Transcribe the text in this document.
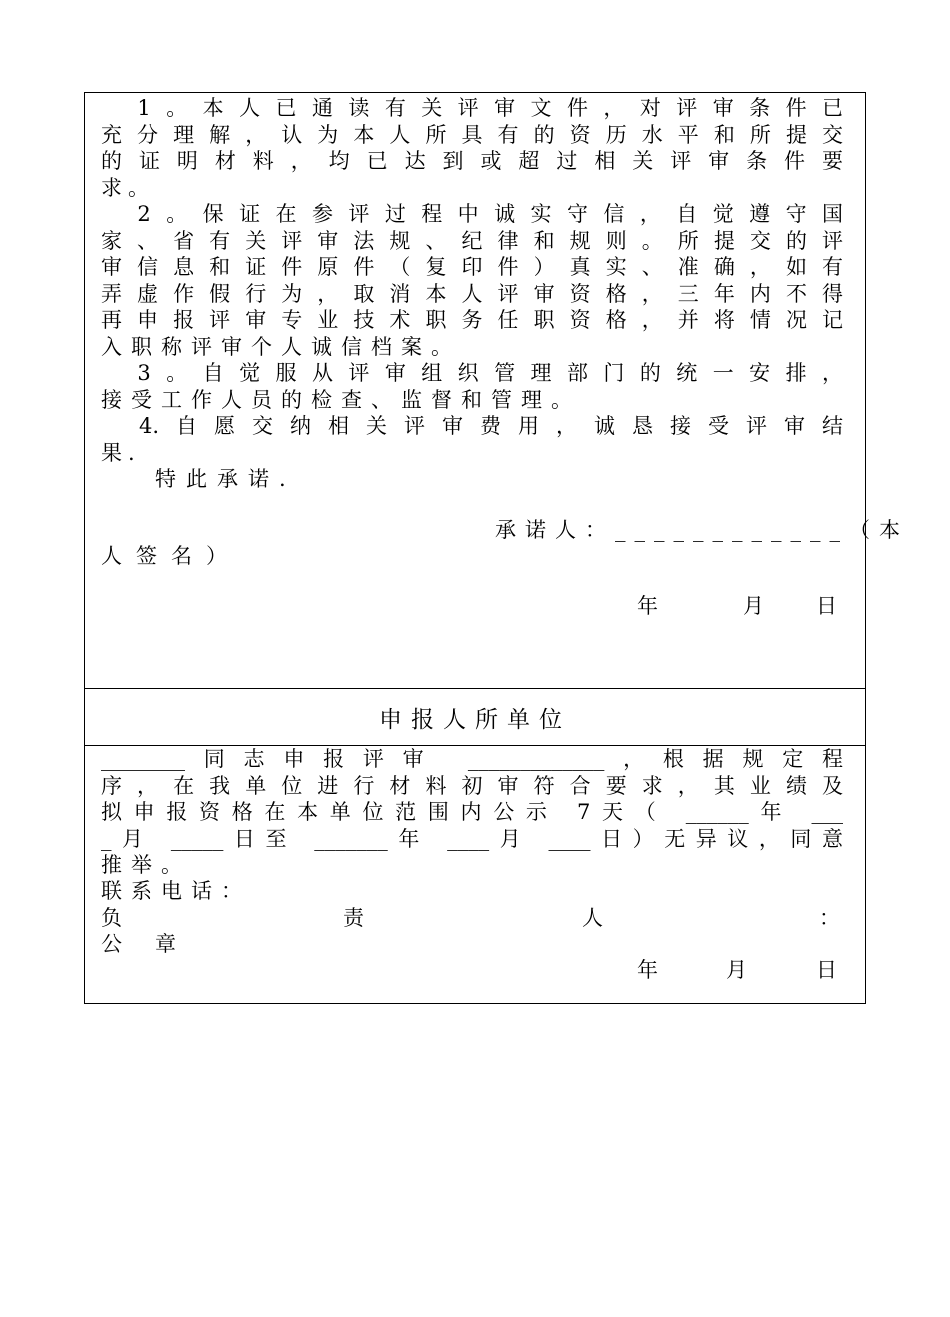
　1。本人已通读有关评审文件，对评审条件已
充分理解，认为本人所具有的资历水平和所提交
的证明材料，均已达到或超过相关评审条件要
求。
　2。保证在参评过程中诚实守信，自觉遵守国
家、省有关评审法规、纪律和规则。所提交的评
审信息和证件原件（复印件）真实、准确，如有
弄虚作假行为，取消本人评审资格，三年内不得
再申报评审专业技术职务任职资格，并将情况记
入职称评审个人诚信档案。
　3。自觉服从评审组织管理部门的统一安排，
接受工作人员的检查、监督和管理。
　4.自愿交纳相关评审费用，诚恳接受评审结
果.
特此承诺.
承诺人：____________（本
人签名）
年	月 日
申报人所单位
________同志申报评审 _____________，根据规定程
序，在我单位进行材料初审符合要求，其业绩及
拟申报资格在本单位范围内公示 7天（ ______年 ___
_月 _____日至 _______年 ____月 ____日）无异议，同意
推举。
联系电话：
负	责	人	：
公　章
年	月	日
